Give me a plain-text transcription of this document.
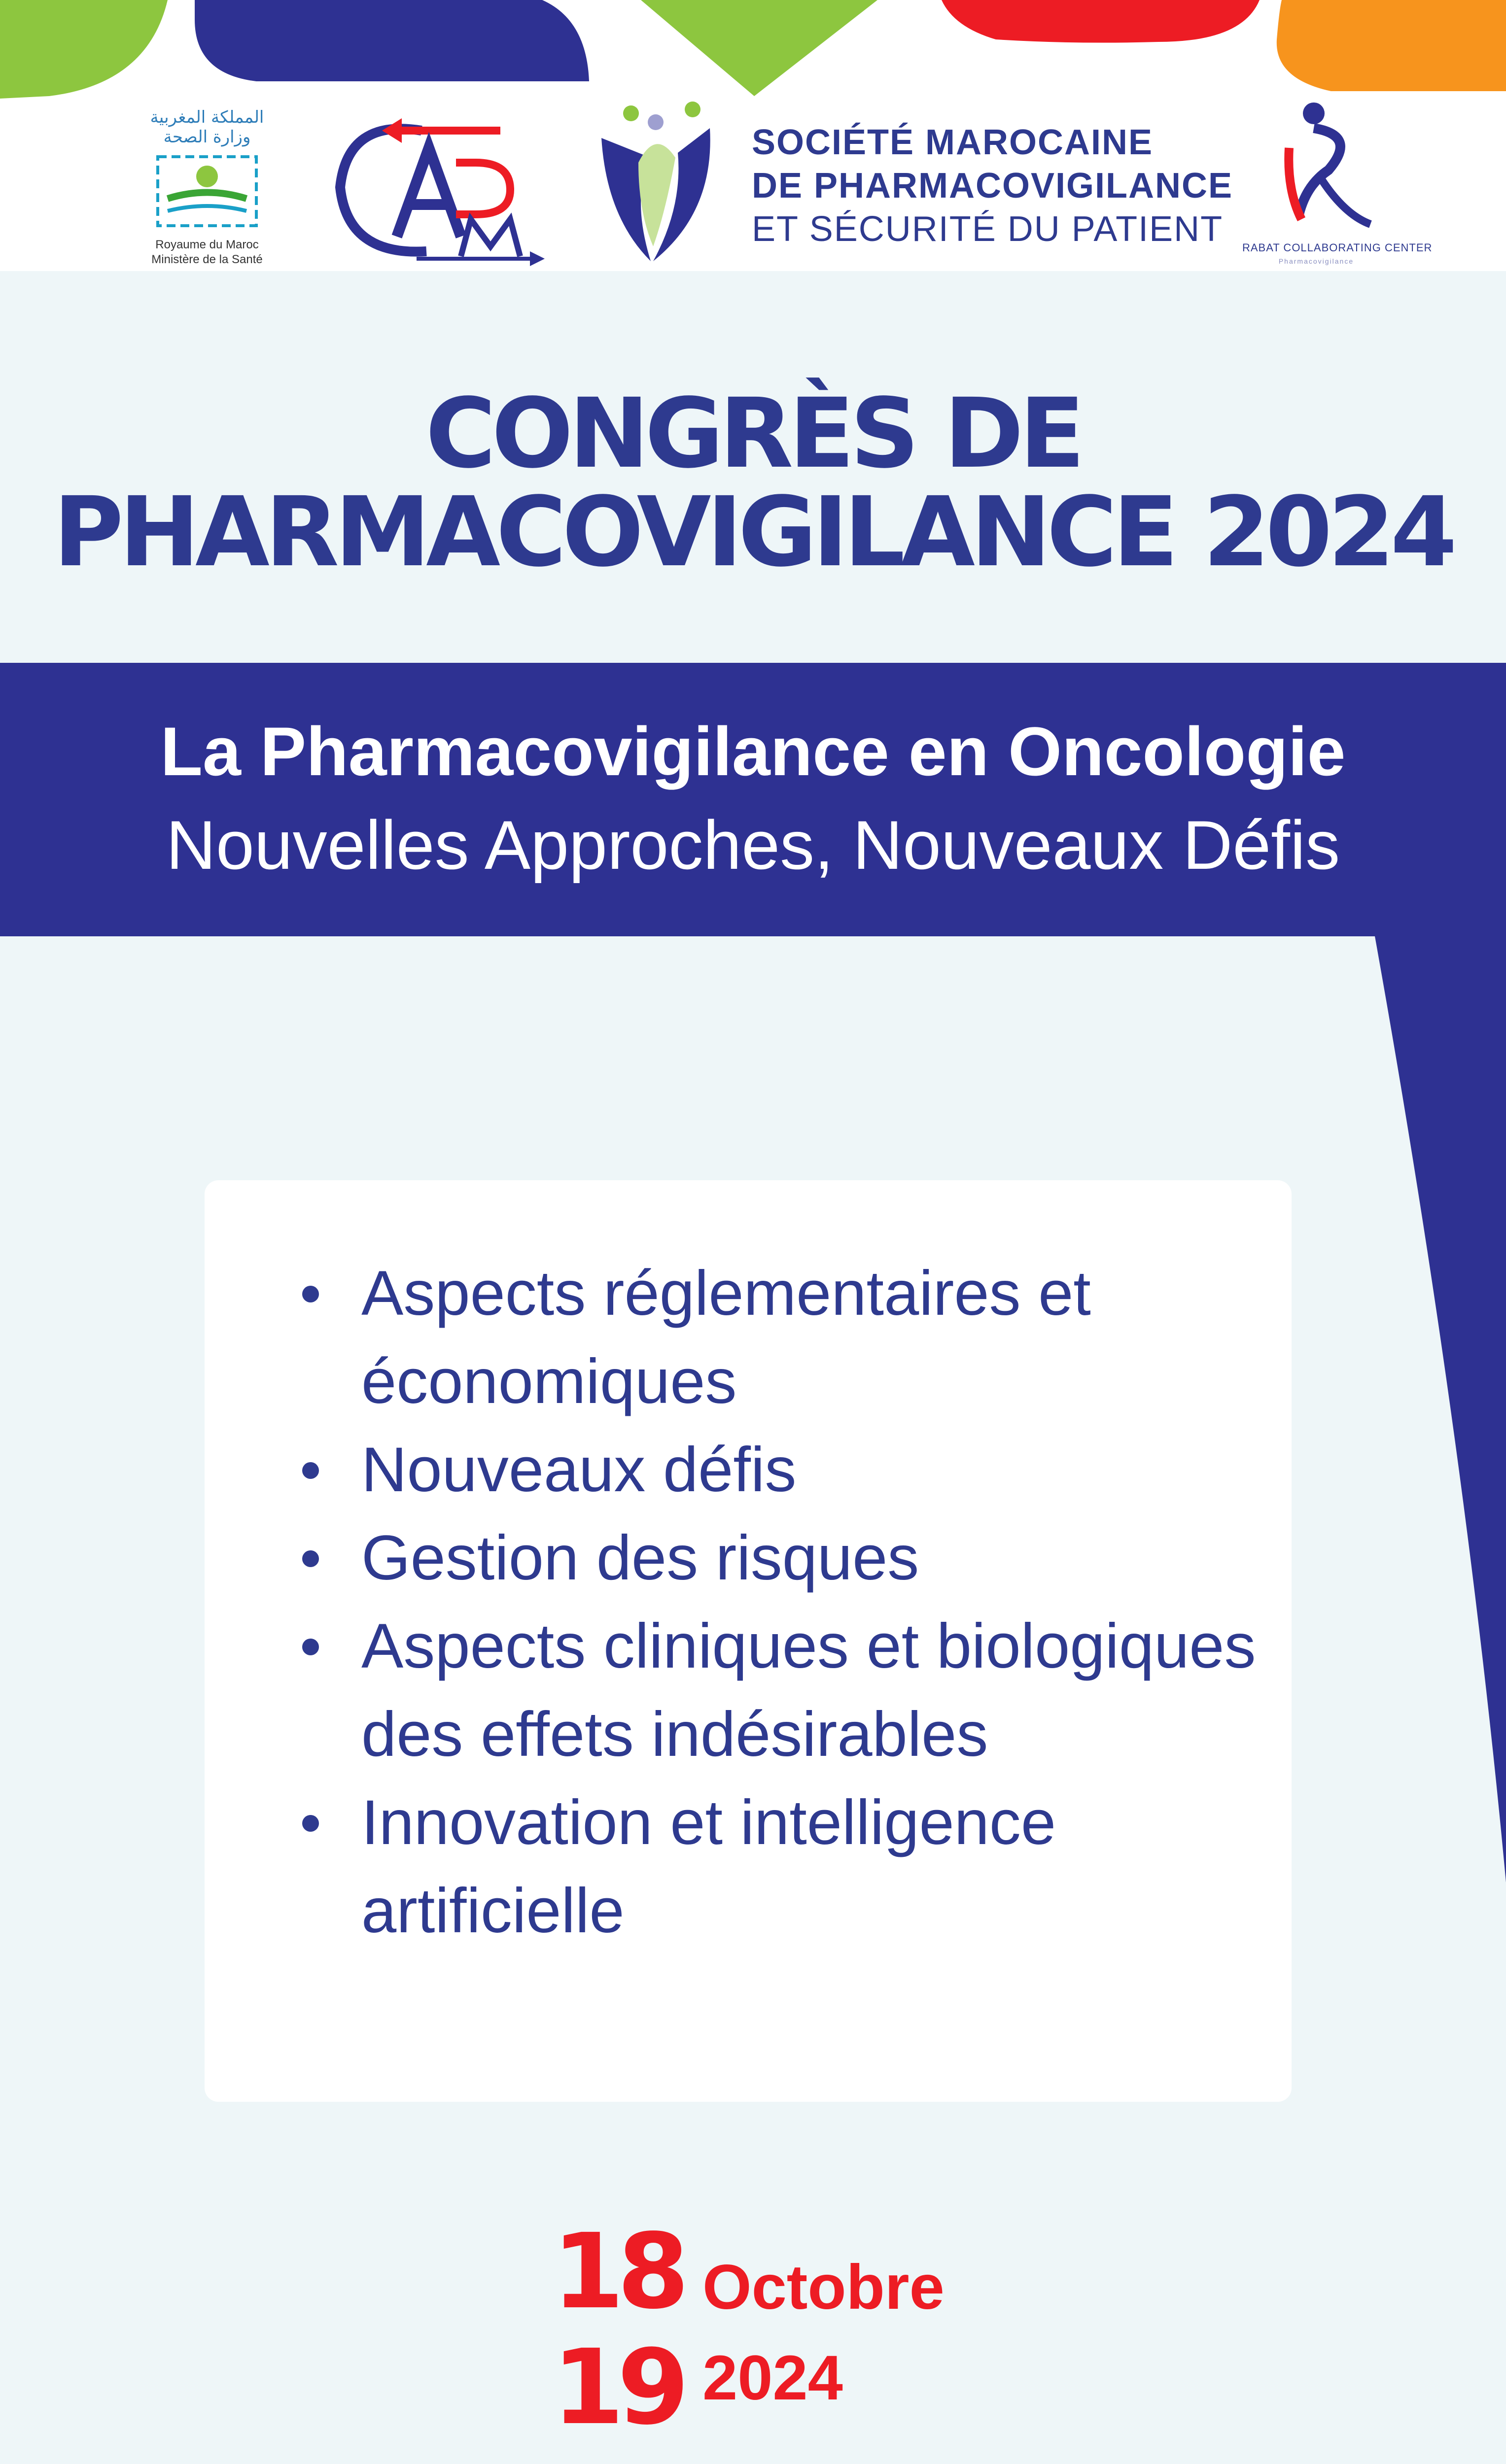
المملكة المغربية
وزارة الصحة
Royaume du Maroc
Ministère de la Santé
SOCIÉTÉ MAROCAINE
DE PHARMACOVIGILANCE
ET SÉCURITÉ DU PATIENT	RABAT COLLABORATING CENTER
Pharmacovigilance
CONGRÈS DE
PHARMACOVIGILANCE 2024
La Pharmacovigilance en Oncologie
Nouvelles Approches, Nouveaux Défis
Aspects réglementaires et économiques
Nouveaux défis
Gestion des risques
Aspects cliniques et biologiques des effets indésirables
Innovation et intelligence artificielle
18
19
Octobre
2024
